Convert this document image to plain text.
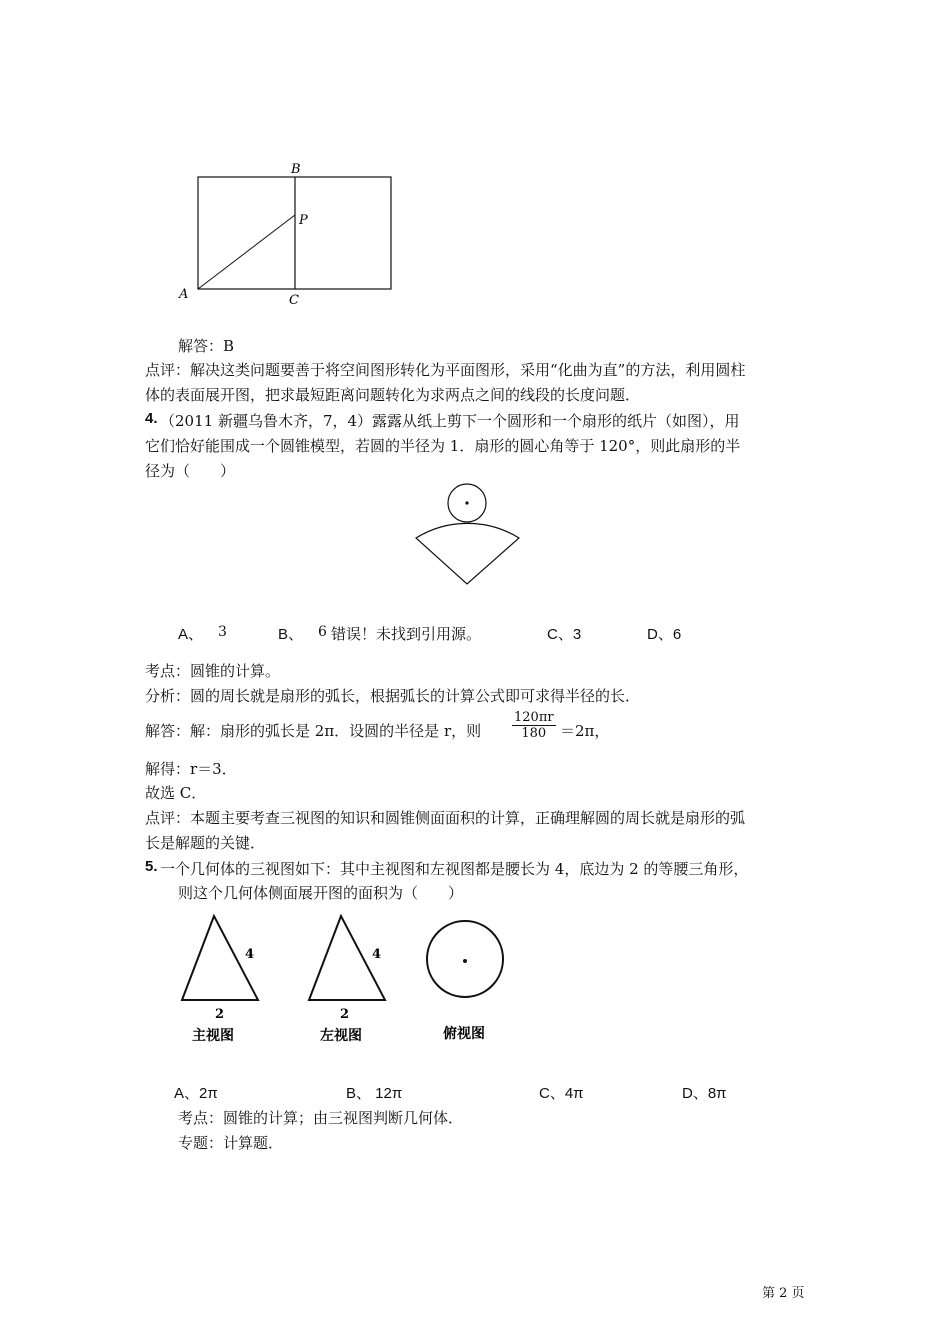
B
P
A	C
解答：B
点评：解决这类问题要善于将空间图形转化为平面图形，采用“化曲为直”的方法，利用圆柱
体的表面展开图，把求最短距离问题转化为求两点之间的线段的长度问题．
4. （2011 新疆乌鲁木齐，7，4）露露从纸上剪下一个圆形和一个扇形的纸片（如图），用
它们恰好能围成一个圆锥模型，若圆的半径为 1．扇形的圆心角等于 120°，则此扇形的半
径为（　　）
A、 3	B、 6 错误！未找到引用源。	C、3	D、6
考点：圆锥的计算。
分析：圆的周长就是扇形的弧长，根据弧长的计算公式即可求得半径的长．
解答：解：扇形的弧长是 2π．设圆的半径是 r，则 $\frac{120\pi r}{180} =2\pi$，
解得：r＝3．
故选 C．
点评：本题主要考查三视图的知识和圆锥侧面面积的计算，正确理解圆的周长就是扇形的弧
长是解题的关键．
5. 一个几何体的三视图如下：其中主视图和左视图都是腰长为 4，底边为 2 的等腰三角形，
则这个几何体侧面展开图的面积为（　　）
4
2
主视图
4
2
左视图	俯视图
A、2π	B、 12π	C、4π	D、8π
考点：圆锥的计算；由三视图判断几何体．
专题：计算题．
第 2 页
